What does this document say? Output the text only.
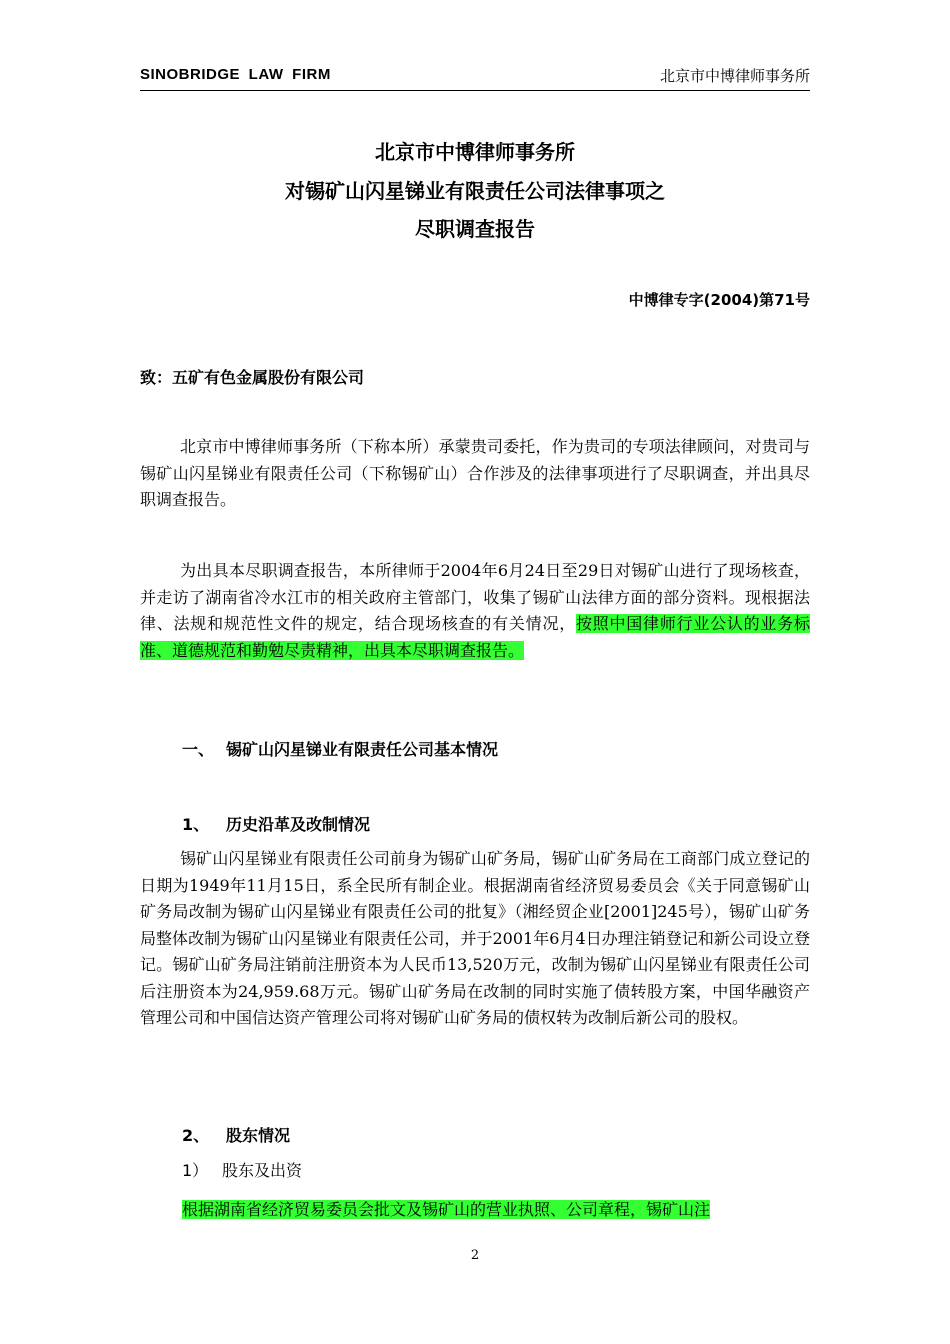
SINOBRIDGE LAW FIRM	北京市中博律师事务所
北京市中博律师事务所
对锡矿山闪星锑业有限责任公司法律事项之
尽职调查报告
中博律专字(2004)第71号
致：五矿有色金属股份有限公司
北京市中博律师事务所（下称本所）承蒙贵司委托，作为贵司的专项法律顾问，对贵司与锡矿山闪星锑业有限责任公司（下称锡矿山）合作涉及的法律事项进行了尽职调查，并出具尽职调查报告。
为出具本尽职调查报告，本所律师于2004年6月24日至29日对锡矿山进行了现场核查，并走访了湖南省冷水江市的相关政府主管部门，收集了锡矿山法律方面的部分资料。现根据法律、法规和规范性文件的规定，结合现场核查的有关情况，按照中国律师行业公认的业务标准、道德规范和勤勉尽责精神，出具本尽职调查报告。
一、 锡矿山闪星锑业有限责任公司基本情况
1、 历史沿革及改制情况
锡矿山闪星锑业有限责任公司前身为锡矿山矿务局，锡矿山矿务局在工商部门成立登记的日期为1949年11月15日，系全民所有制企业。根据湖南省经济贸易委员会《关于同意锡矿山矿务局改制为锡矿山闪星锑业有限责任公司的批复》（湘经贸企业[2001]245号），锡矿山矿务局整体改制为锡矿山闪星锑业有限责任公司，并于2001年6月4日办理注销登记和新公司设立登记。锡矿山矿务局注销前注册资本为人民币13,520万元，改制为锡矿山闪星锑业有限责任公司后注册资本为24,959.68万元。锡矿山矿务局在改制的同时实施了债转股方案，中国华融资产管理公司和中国信达资产管理公司将对锡矿山矿务局的债权转为改制后新公司的股权。
2、 股东情况
1） 股东及出资
根据湖南省经济贸易委员会批文及锡矿山的营业执照、公司章程，锡矿山注
2
